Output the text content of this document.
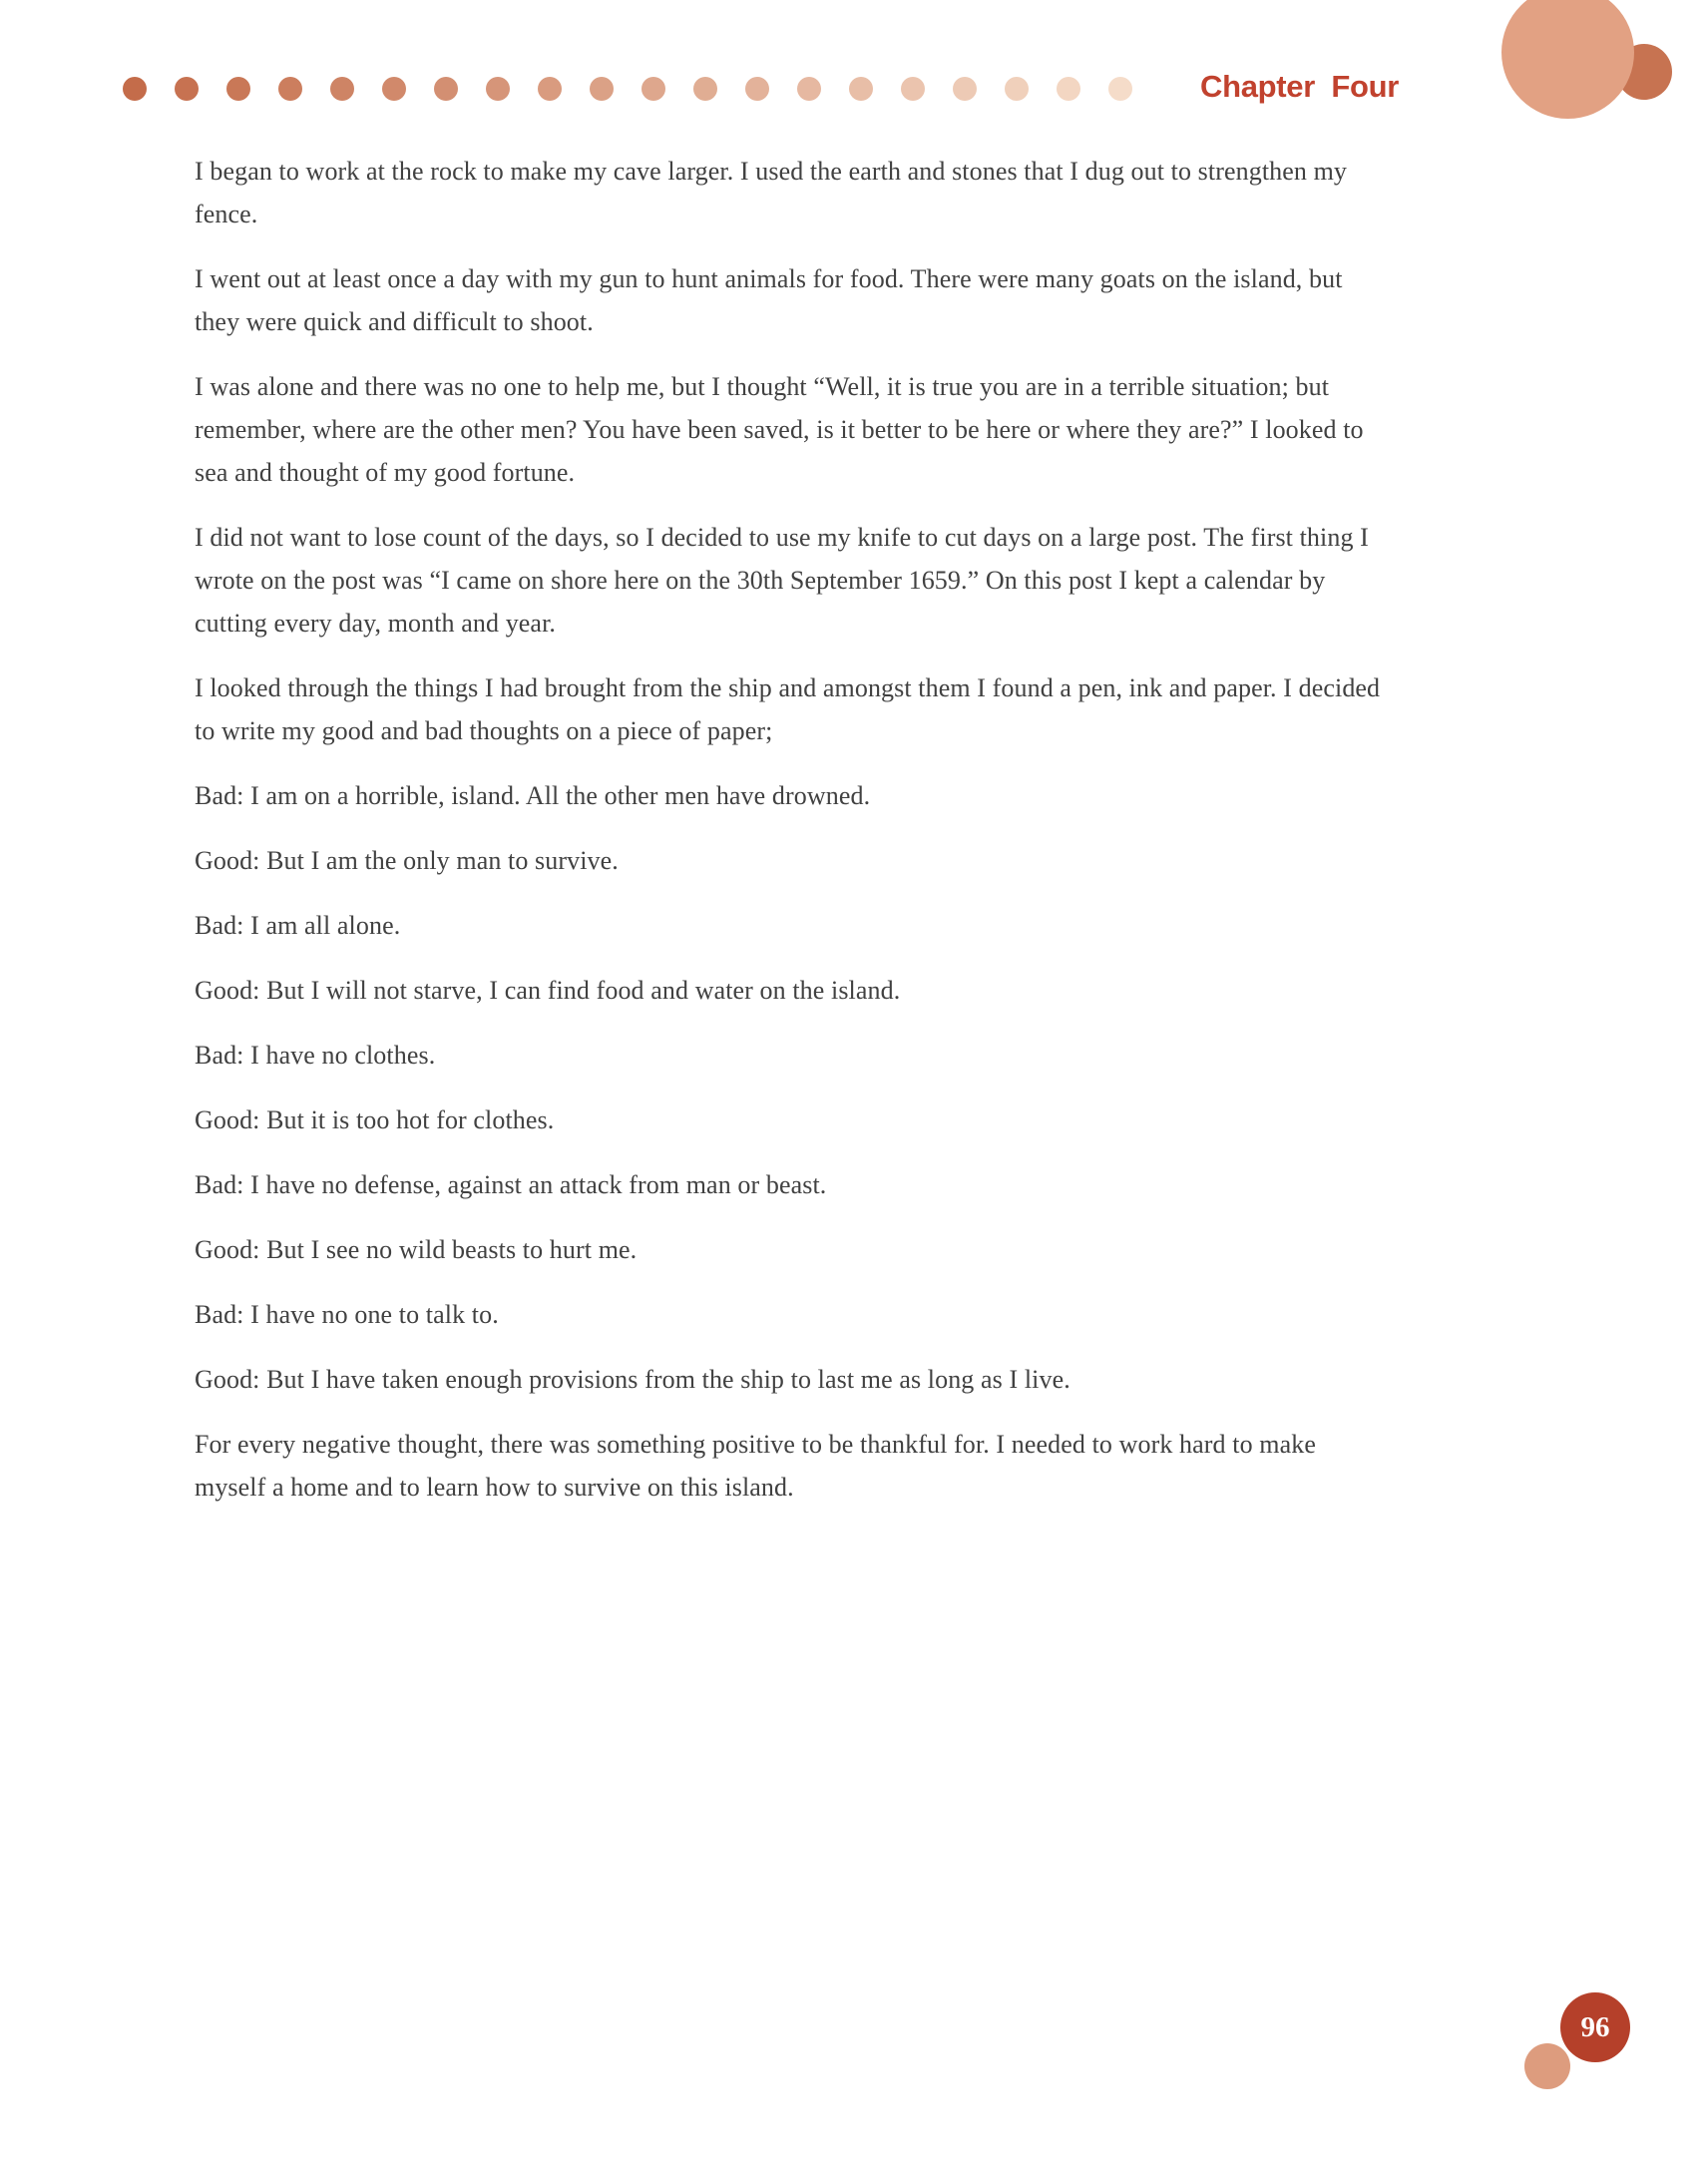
Chapter Four

I began to work at the rock to make my cave larger. I used the earth and stones that I dug out to strengthen my fence.

I went out at least once a day with my gun to hunt animals for food. There were many goats on the island, but they were quick and difficult to shoot.

I was alone and there was no one to help me, but I thought “Well, it is true you are in a terrible situation; but remember, where are the other men? You have been saved, is it better to be here or where they are?” I looked to sea and thought of my good fortune.

I did not want to lose count of the days, so I decided to use my knife to cut days on a large post. The first thing I wrote on the post was “I came on shore here on the 30th September 1659.” On this post I kept a calendar by cutting every day, month and year.

I looked through the things I had brought from the ship and amongst them I found a pen, ink and paper. I decided to write my good and bad thoughts on a piece of paper;

Bad: I am on a horrible, island. All the other men have drowned.

Good: But I am the only man to survive.

Bad: I am all alone.

Good: But I will not starve, I can find food and water on the island.

Bad: I have no clothes.

Good: But it is too hot for clothes.

Bad: I have no defense, against an attack from man or beast.

Good: But I see no wild beasts to hurt me.

Bad: I have no one to talk to.

Good: But I have taken enough provisions from the ship to last me as long as I live.

For every negative thought, there was something positive to be thankful for. I needed to work hard to make myself a home and to learn how to survive on this island.

96
